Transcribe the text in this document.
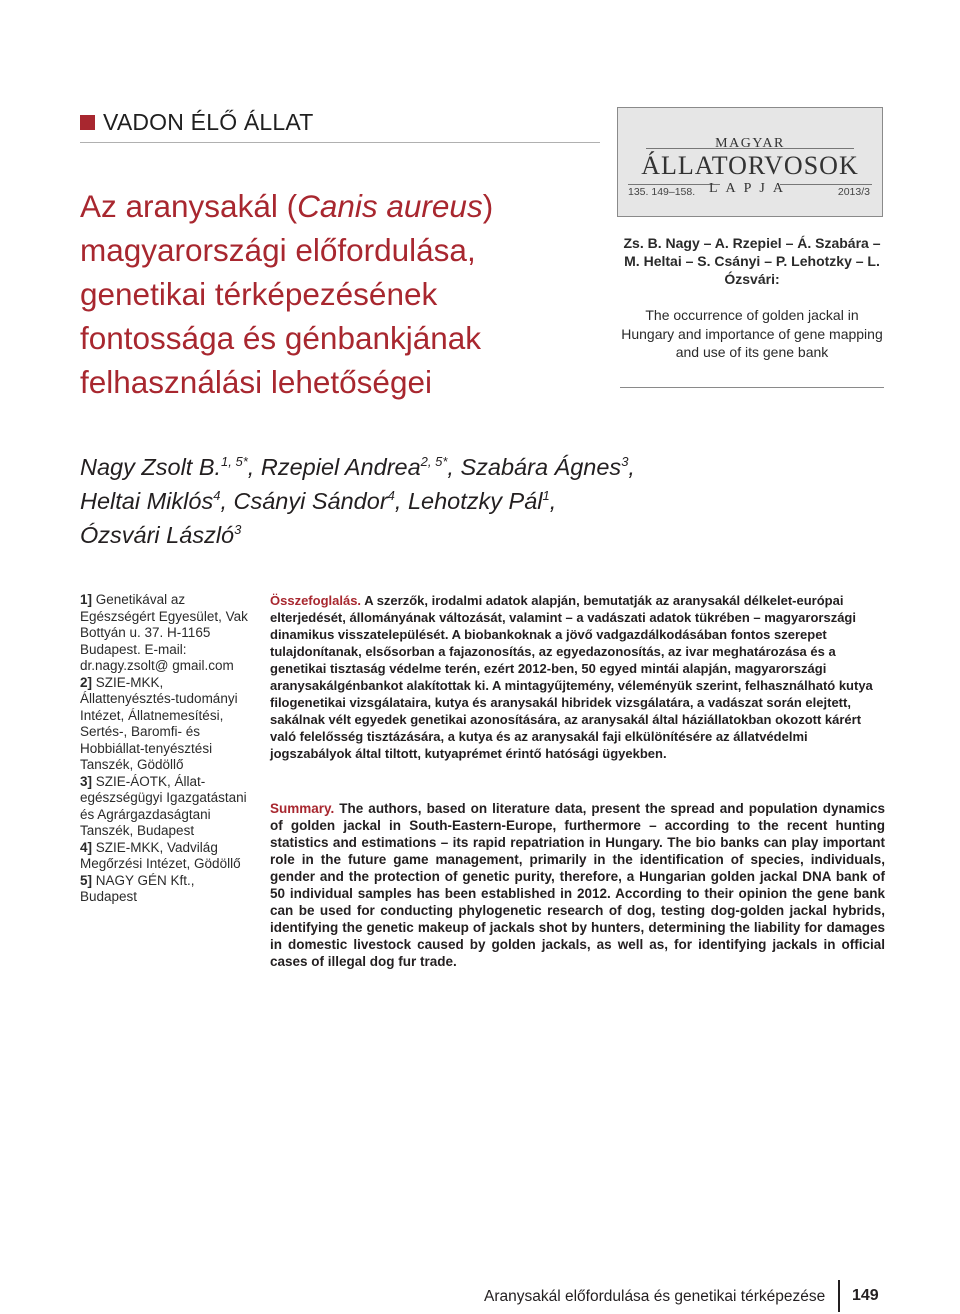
VADON ÉLŐ ÁLLAT
Az aranysakál (Canis aureus) magyarországi előfordulása, genetikai térképezésének fontossága és génbankjának felhasználási lehetőségei
MAGYAR
ÁLLATORVOSOK
LAPJA
135. 149–158.	2013/3
Zs. B. Nagy – A. Rzepiel – Á. Szabára – M. Heltai – S. Csányi – P. Lehotzky – L. Ózsvári:
The occurrence of golden jackal in Hungary and importance of gene mapping and use of its gene bank
Nagy Zsolt B.$^{1, 5*}$, Rzepiel Andrea$^{2, 5*}$, Szabára Ágnes$^3$, Heltai Miklós$^4$, Csányi Sándor$^4$, Lehotzky Pál$^1$, Ózsvári László$^3$
1] Genetikával az Egészségért Egyesület, Vak Bottyán u. 37. H-1165 Budapest. E-mail: dr.nagy.zsolt@ gmail.com
2] SZIE-MKK, Állattenyésztés-tudományi Intézet, Állatnemesítési, Sertés-, Baromfi- és Hobbiállat-tenyésztési Tanszék, Gödöllő
3] SZIE-ÁOTK, Állat-egészségügyi Igazgatástani és Agrárgazdaságtani Tanszék, Budapest
4] SZIE-MKK, Vadvilág Megőrzési Intézet, Gödöllő
5] NAGY GÉN Kft., Budapest
Összefoglalás. A szerzők, irodalmi adatok alapján, bemutatják az aranysakál délkelet-európai elterjedését, állományának változását, valamint – a vadászati adatok tükrében – magyarországi dinamikus visszatelepülését. A biobankoknak a jövő vadgazdálkodásában fontos szerepet tulajdonítanak, elsősorban a fajazonosítás, az egyedazonosítás, az ivar meghatározása és a genetikai tisztaság védelme terén, ezért 2012-ben, 50 egyed mintái alapján, magyarországi aranysakálgénbankot alakítottak ki. A mintagyűjtemény, véleményük szerint, felhasználható kutya filogenetikai vizsgálataira, kutya és aranysakál hibridek vizsgálatára, a vadászat során elejtett, sakálnak vélt egyedek genetikai azonosítására, az aranysakál által háziállatokban okozott kárért való felelősség tisztázására, a kutya és az aranysakál faji elkülönítésére az állatvédelmi jogszabályok által tiltott, kutyaprémet érintő hatósági ügyekben.
Summary. The authors, based on literature data, present the spread and population dynamics of golden jackal in South-Eastern-Europe, furthermore – according to the recent hunting statistics and estimations – its rapid repatriation in Hungary. The bio banks can play important role in the future game management, primarily in the identification of species, individuals, gender and the protection of genetic purity, therefore, a Hungarian golden jackal DNA bank of 50 individual samples has been established in 2012. According to their opinion the gene bank can be used for conducting phylogenetic research of dog, testing dog-golden jackal hybrids, identifying the genetic makeup of jackals shot by hunters, determining the liability for damages in domestic livestock caused by golden jackals, as well as, for identifying jackals in official cases of illegal dog fur trade.
Aranysakál előfordulása és genetikai térképezése 149
